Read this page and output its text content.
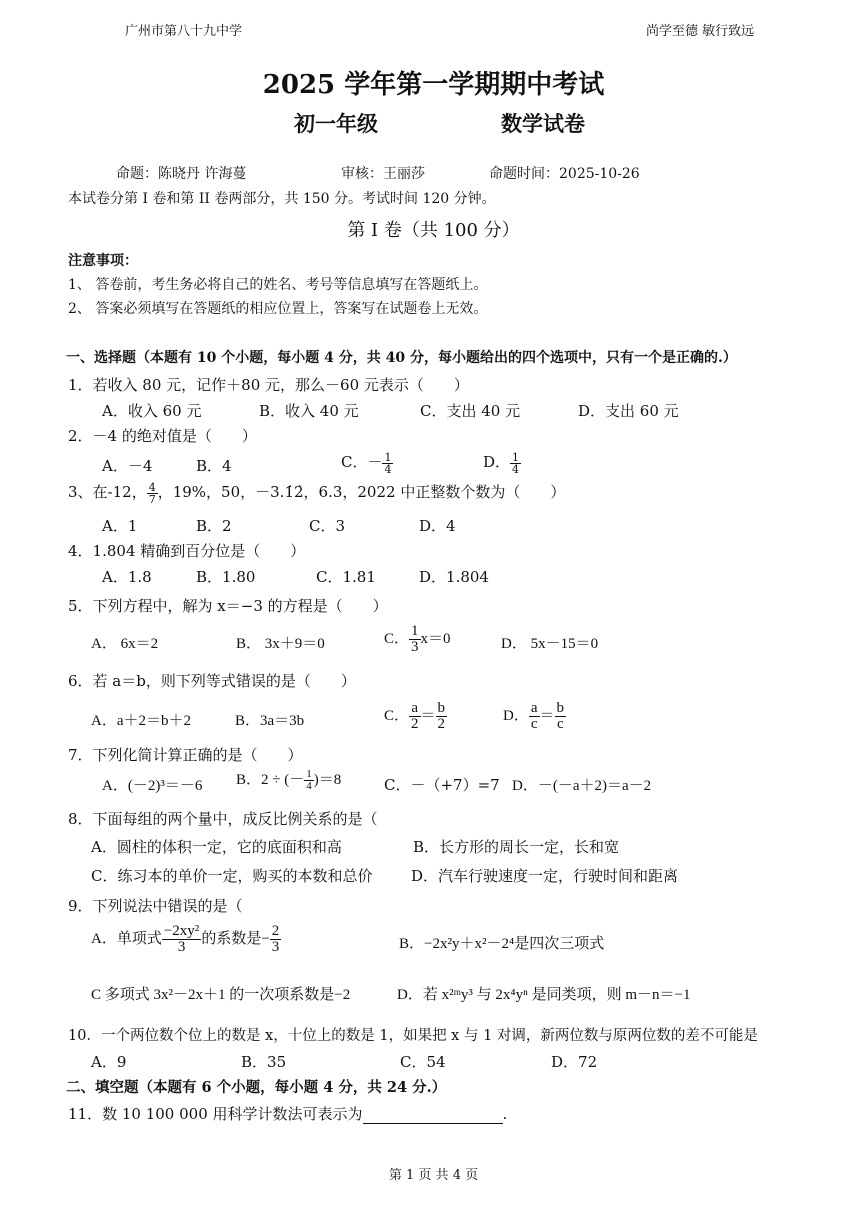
广州市第八十九中学	尚学至德 敏行致远
2025 学年第一学期期中考试
初一年级	数学试卷
命题：陈晓丹 许海蔓	审核：王丽莎	命题时间：2025-10-26
本试卷分第 I 卷和第 II 卷两部分，共 150 分。考试时间 120 分钟。
第 I 卷（共 100 分）
注意事项：
1、 答卷前，考生务必将自己的姓名、考号等信息填写在答题纸上。
2、 答案必须填写在答题纸的相应位置上，答案写在试题卷上无效。
一、选择题（本题有 10 个小题，每小题 4 分，共 40 分，每小题给出的四个选项中，只有一个是正确的.）
1．若收入 80 元，记作＋80 元，那么－60 元表示（　　）
A．收入 60 元	B．收入 40 元	C．支出 40 元	D．支出 60 元
2．－4 的绝对值是（　　）
A．－4	B．4	C．－ $\frac{1}{4}$	D． $\frac{1}{4}$
3、在-12， $\frac{4}{7}$ ，19%，50，－3.1̇2̇，6.3，2022 中正整数个数为（　　）
A．1	B．2	C．3	D．4
4．1.804 精确到百分位是（　　）
A．1.8	B．1.80	C．1.81	D．1.804
5．下列方程中，解为 x＝−3 的方程是（　　）
A． 6x＝2	B． 3x＋9＝0	C． $\frac{1}{3} x=0$	D． 5x－15＝0
6．若 a＝b，则下列等式错误的是（　　）
A．a＋2＝b＋2	B．3a＝3b	C． $\frac{a}{2} = \frac{b}{2}$	D． $\frac{a}{c} = \frac{b}{c}$
7．下列化简计算正确的是（　　）
A．(－2)³＝－6 B．2 ÷ (－ $\frac{1}{4} )=8$	C．－（+7）=7 D．－(－a＋2)＝a－2
8．下面每组的两个量中，成反比例关系的是（
A．圆柱的体积一定，它的底面积和高	B．长方形的周长一定，长和宽
C．练习本的单价一定，购买的本数和总价	D．汽车行驶速度一定，行驶时间和距离
9．下列说法中错误的是（
A．单项式 $\frac{\text{−2xy²}}{3}$ 的系数是− $\frac{2}{3}$	B．−2x²y＋x²－2⁴是四次三项式
C 多项式 3x²－2x＋1 的一次项系数是−2	D．若 x²ᵐy³ 与 2x⁴yⁿ 是同类项，则 m－n＝−1
10．一个两位数个位上的数是 x，十位上的数是 1，如果把 x 与 1 对调，新两位数与原两位数的差不可能是
A．9	B．35	C．54	D．72
二、填空题（本题有 6 个小题，每小题 4 分，共 24 分.）
11．数 10 100 000 用科学计数法可表示为	.
第 1 页 共 4 页
